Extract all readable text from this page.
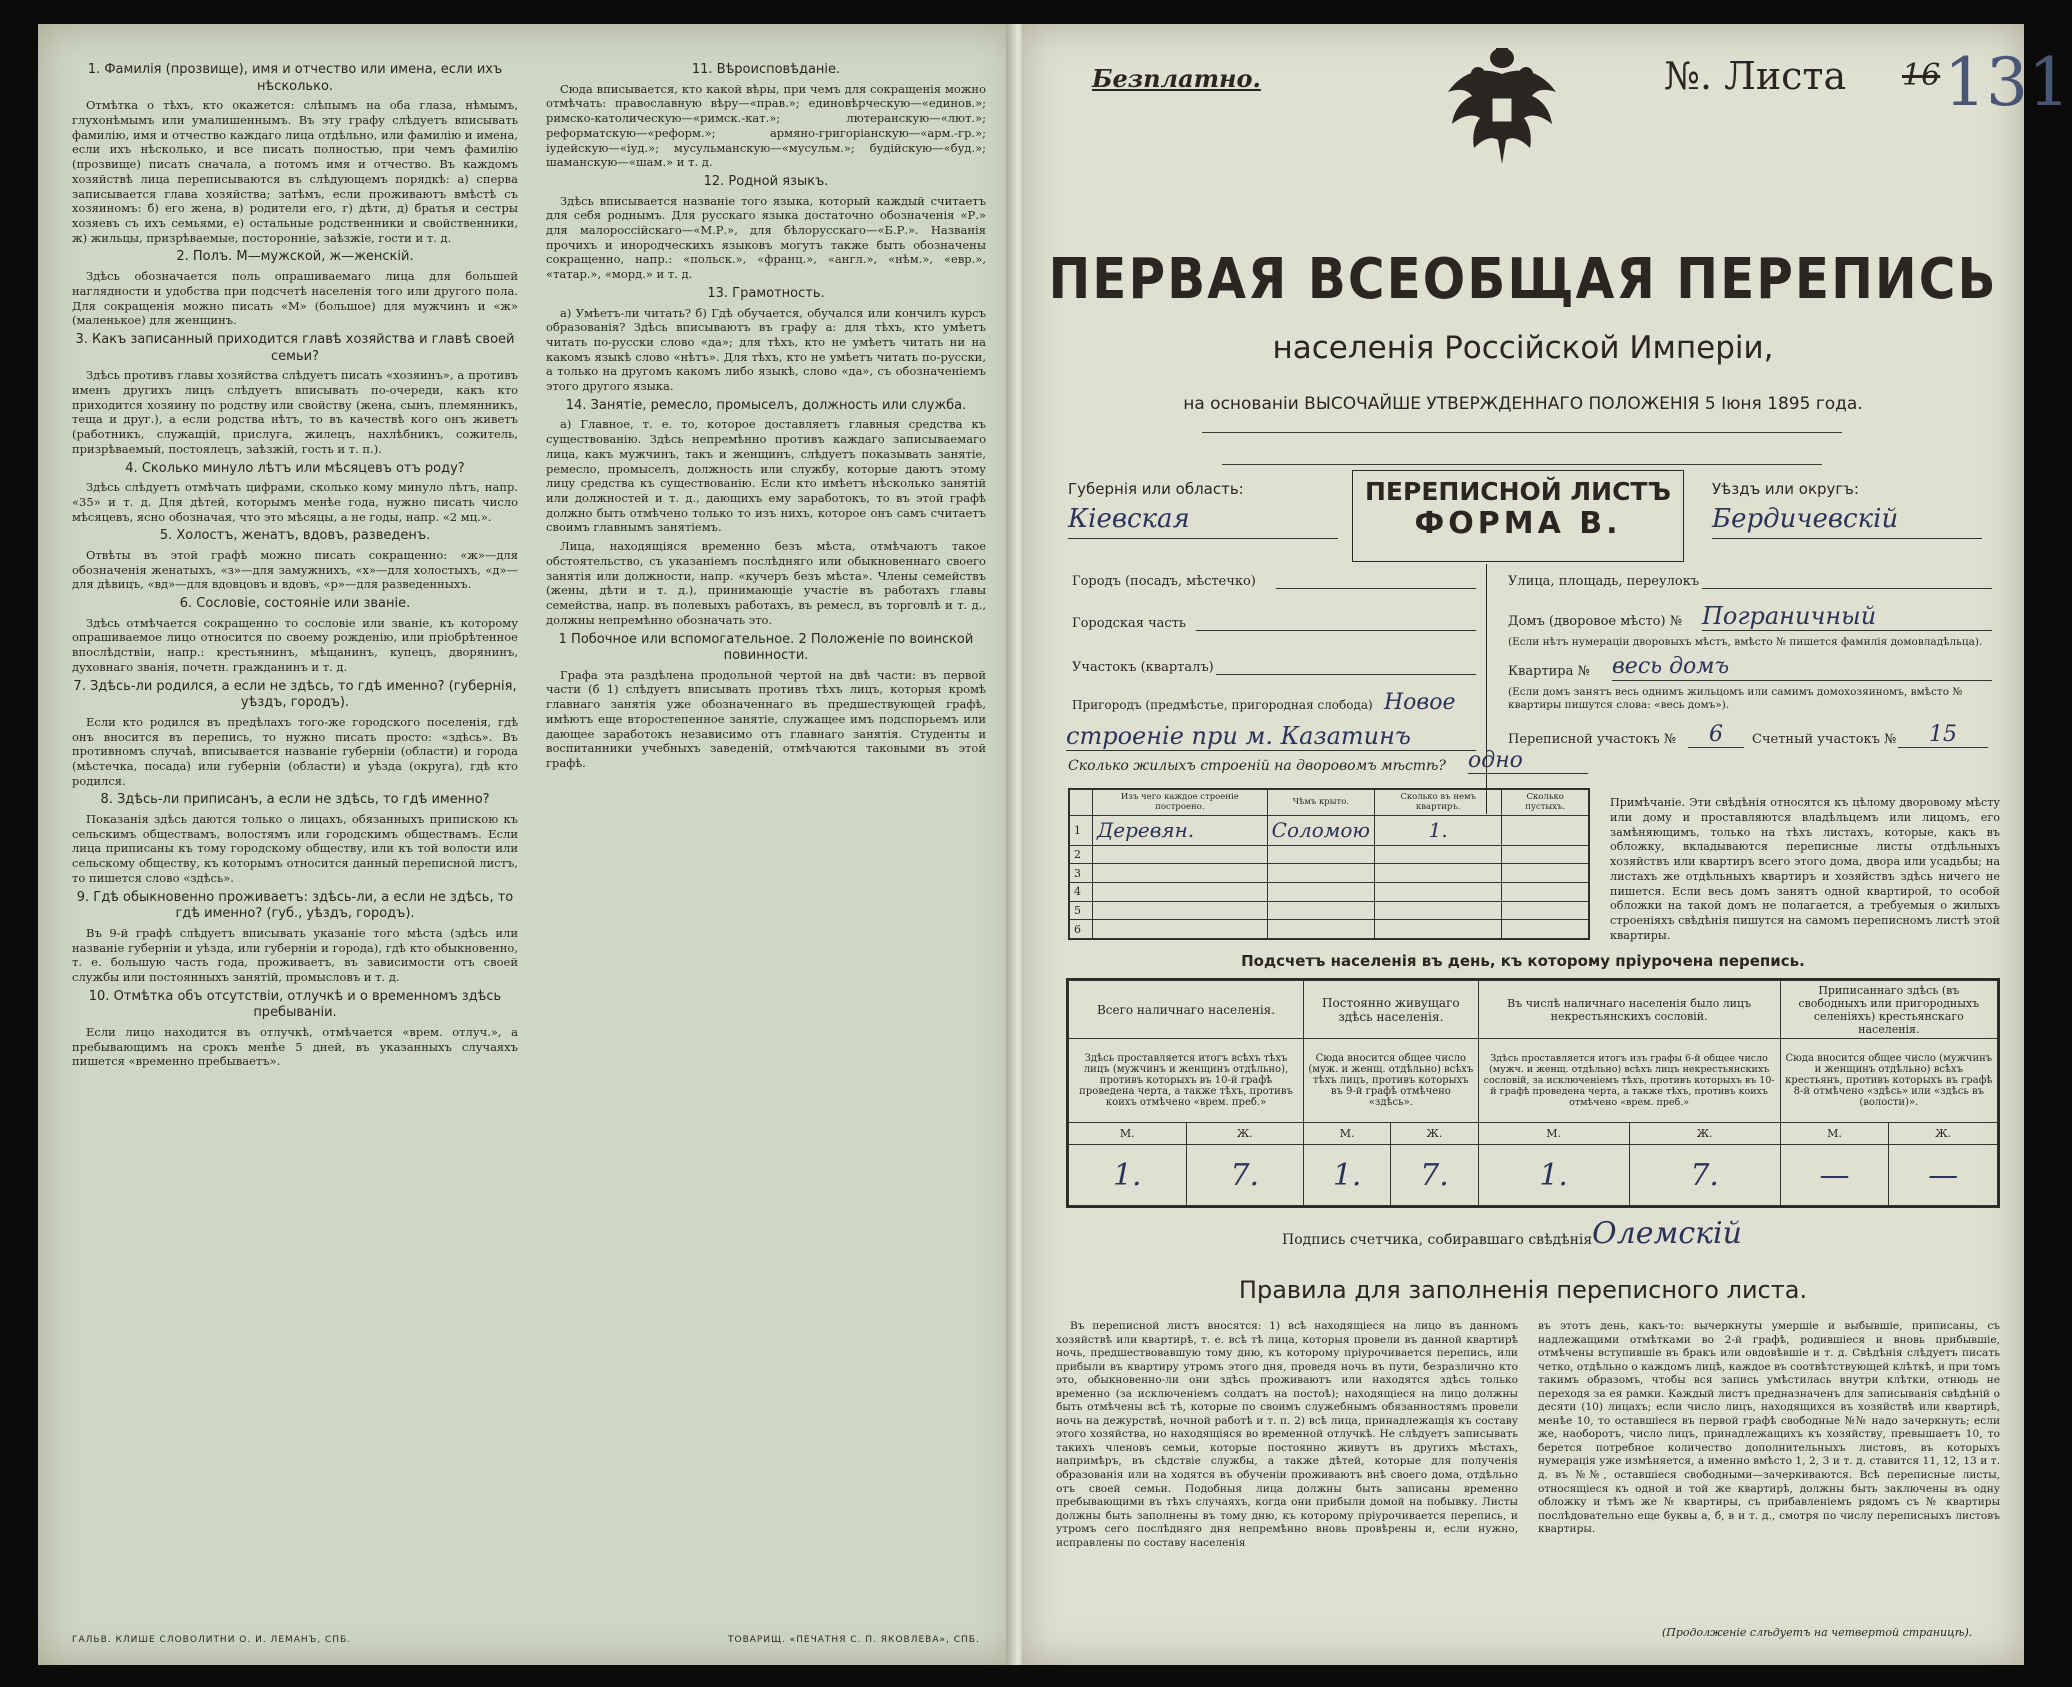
1. Фамилія (прозвище), имя и отчество или имена, если ихъ нѣсколько.

Отмѣтка о тѣхъ, кто окажется: слѣпымъ на оба глаза, нѣмымъ, глухонѣмымъ или умалишеннымъ. Въ эту графу слѣдуетъ вписывать фамилію, имя и отчество каждаго лица отдѣльно, или фамилію и имена, если ихъ нѣсколько, и все писать полностью, при чемъ фамилію (прозвище) писать сначала, а потомъ имя и отчество. Въ каждомъ хозяйствѣ лица переписываются въ слѣдующемъ порядкѣ: а) сперва записывается глава хозяйства; затѣмъ, если проживаютъ вмѣстѣ съ хозяиномъ: б) его жена, в) родители его, г) дѣти, д) братья и сестры хозяевъ съ ихъ семьями, е) остальные родственники и свойственники, ж) жильцы, призрѣваемые, посторонніе, заѣзжіе, гости и т. д.

2. Полъ. М—мужской, ж—женскій.

Здѣсь обозначается поль опрашиваемаго лица для большей наглядности и удобства при подсчетѣ населенія того или другого пола. Для сокращенія можно писать «М» (большое) для мужчинъ и «ж» (маленькое) для женщинъ.

3. Какъ записанный приходится главѣ хозяйства и главѣ своей семьи?

Здѣсь противъ главы хозяйства слѣдуетъ писать «хозяинъ», а противъ именъ другихъ лицъ слѣдуетъ вписывать по-очереди, какъ кто приходится хозяину по родству или свойству (жена, сынъ, племянникъ, теща и друг.), а если родства нѣтъ, то въ качествѣ кого онъ живетъ (работникъ, служащій, прислуга, жилецъ, нахлѣбникъ, сожитель, призрѣваемый, постоялецъ, заѣзжій, гость и т. п.).

4. Сколько минуло лѣтъ или мѣсяцевъ отъ роду?

Здѣсь слѣдуетъ отмѣчать цифрами, сколько кому минуло лѣтъ, напр. «35» и т. д. Для дѣтей, которымъ менѣе года, нужно писать число мѣсяцевъ, ясно обозначая, что это мѣсяцы, а не годы, напр. «2 мц.».

5. Холостъ, женатъ, вдовъ, разведенъ.

Отвѣты въ этой графѣ можно писать сокращенно: «ж»—для обозначенія женатыхъ, «з»—для замужнихъ, «х»—для холостыхъ, «д»—для дѣвицъ, «вд»—для вдовцовъ и вдовъ, «р»—для разведенныхъ.

6. Сословіе, состояніе или званіе.

Здѣсь отмѣчается сокращенно то сословіе или званіе, къ которому опрашиваемое лицо относится по своему рожденію, или пріобрѣтенное впослѣдствіи, напр.: крестьянинъ, мѣщанинъ, купецъ, дворянинъ, духовнаго званія, почетн. гражданинъ и т. д.

7. Здѣсь-ли родился, а если не здѣсь, то гдѣ именно? (губернія, уѣздъ, городъ).

Если кто родился въ предѣлахъ того-же городского поселенія, гдѣ онъ вносится въ перепись, то нужно писать просто: «здѣсь». Въ противномъ случаѣ, вписывается названіе губерніи (области) и города (мѣстечка, посада) или губерніи (области) и уѣзда (округа), гдѣ кто родился.

8. Здѣсь-ли приписанъ, а если не здѣсь, то гдѣ именно?

Показанія здѣсь даются только о лицахъ, обязанныхъ припискою къ сельскимъ обществамъ, волостямъ или городскимъ обществамъ. Если лица приписаны къ тому городскому обществу, или къ той волости или сельскому обществу, къ которымъ относится данный переписной листъ, то пишется слово «здѣсь».

9. Гдѣ обыкновенно проживаетъ: здѣсь-ли, а если не здѣсь, то гдѣ именно? (губ., уѣздъ, городъ).

Въ 9-й графѣ слѣдуетъ вписывать указаніе того мѣста (здѣсь или названіе губерніи и уѣзда, или губерніи и города), гдѣ кто обыкновенно, т. е. большую часть года, проживаетъ, въ зависимости отъ своей службы или постоянныхъ занятій, промысловъ и т. д.

10. Отмѣтка объ отсутствіи, отлучкѣ и о временномъ здѣсь пребываніи.

Если лицо находится въ отлучкѣ, отмѣчается «врем. отлуч.», а пребывающимъ на срокъ менѣе 5 дней, въ указанныхъ случаяхъ пишется «временно пребываетъ».

11. Вѣроисповѣданіе.

Сюда вписывается, кто какой вѣры, при чемъ для сокращенія можно отмѣчать: православную вѣру—«прав.»; единовѣрческую—«единов.»; римско-католическую—«римск.-кат.»; лютеранскую—«лют.»; реформатскую—«реформ.»; армяно-григоріанскую—«арм.-гр.»; іудейскую—«іуд.»; мусульманскую—«мусульм.»; будійскую—«буд.»; шаманскую—«шам.» и т. д.

12. Родной языкъ.

Здѣсь вписывается названіе того языка, который каждый считаетъ для себя роднымъ. Для русскаго языка достаточно обозначенія «Р.» для малороссійскаго—«М.Р.», для бѣлорусскаго—«Б.Р.». Названія прочихъ и инородческихъ языковъ могутъ также быть обозначены сокращенно, напр.: «польск.», «франц.», «англ.», «нѣм.», «евр.», «татар.», «морд.» и т. д.

13. Грамотность.

а) Умѣетъ-ли читать? б) Гдѣ обучается, обучался или кончилъ курсъ образованія? Здѣсь вписываютъ въ графу а: для тѣхъ, кто умѣетъ читать по-русски слово «да»; для тѣхъ, кто не умѣетъ читать ни на какомъ языкѣ слово «нѣтъ». Для тѣхъ, кто не умѣетъ читать по-русски, а только на другомъ какомъ либо языкѣ, слово «да», съ обозначеніемъ этого другого языка.

14. Занятіе, ремесло, промыселъ, должность или служба.

а) Главное, т. е. то, которое доставляетъ главныя средства къ существованію. Здѣсь непремѣнно противъ каждаго записываемаго лица, какъ мужчинъ, такъ и женщинъ, слѣдуетъ показывать занятіе, ремесло, промыселъ, должность или службу, которые даютъ этому лицу средства къ существованію. Если кто имѣетъ нѣсколько занятій или должностей и т. д., дающихъ ему заработокъ, то въ этой графѣ должно быть отмѣчено только то изъ нихъ, которое онъ самъ считаетъ своимъ главнымъ занятіемъ.

Лица, находящіяся временно безъ мѣста, отмѣчаютъ такое обстоятельство, съ указаніемъ послѣдняго или обыкновеннаго своего занятія или должности, напр. «кучеръ безъ мѣста». Члены семействъ (жены, дѣти и т. д.), принимающіе участіе въ работахъ главы семейства, напр. въ полевыхъ работахъ, въ ремесл, въ торговлѣ и т. д., должны непремѣнно обозначать это.

1 Побочное или вспомогательное. 2 Положеніе по воинской повинности.

Графа эта раздѣлена продольной чертой на двѣ части: въ первой части (б 1) слѣдуетъ вписывать противъ тѣхъ лицъ, которыя кромѣ главнаго занятія уже обозначеннаго въ предшествующей графѣ, имѣютъ еще второстепенное занятіе, служащее имъ подспорьемъ или дающее заработокъ независимо отъ главнаго занятія. Студенты и воспитанники учебныхъ заведеній, отмѣчаются таковыми въ этой графѣ.

ГАЛЬВ. КЛИШЕ СЛОВОЛИТНИ О. И. ЛЕМАНЪ, СПБ.	ТОВАРИЩ. «ПЕЧАТНЯ С. П. ЯКОВЛЕВА», СПБ.
Безплатно.	№. Листа 16 131
ПЕРВАЯ ВСЕОБЩАЯ ПЕРЕПИСЬ
населенія Россійской Имперіи,
на основаніи ВЫСОЧАЙШЕ УТВЕРЖДЕННАГО ПОЛОЖЕНІЯ 5 Іюня 1895 года.
Губернія или область:
Кіевская
ПЕРЕПИСНОЙ ЛИСТЪ
ФОРМА В.
Уѣздъ или округъ:
Бердичевскій
Городъ (посадъ, мѣстечко)
Городская часть
Участокъ (кварталъ)
Пригородъ (предмѣстье, пригородная слобода) Новое
строеніе при м. Казатинъ
Улица, площадь, переулокъ
Домъ (дворовое мѣсто) № Пограничный
(Если нѣтъ нумераціи дворовыхъ мѣстъ, вмѣсто № пишется фамилія домовладѣльца).
Квартира № весь домъ
(Если домъ занятъ весь однимъ жильцомъ или самимъ домохозяиномъ, вмѣсто № квартиры пишутся слова: «весь домъ»).
Переписной участокъ №	6	Счетный участокъ №	15
Сколько жилыхъ строеній на дворовомъ мѣстѣ? одно
	Изъ чего каждое строеніе построено.	Чѣмъ крыто.	Сколько въ немъ квартиръ.	Сколько пустыхъ.
1	Деревян.	Соломою	1.	
2				
3				
4				
5				
6				
Примѣчаніе. Эти свѣдѣнія относятся къ цѣлому дворовому мѣсту или дому и проставляются владѣльцемъ или лицомъ, его замѣняющимъ, только на тѣхъ листахъ, которые, какъ въ обложку, вкладываются переписные листы отдѣльныхъ хозяйствъ или квартиръ всего этого дома, двора или усадьбы; на листахъ же отдѣльныхъ квартиръ и хозяйствъ здѣсь ничего не пишется. Если весь домъ занятъ одной квартирой, то особой обложки на такой домъ не полагается, а требуемыя о жилыхъ строеніяхъ свѣдѣнія пишутся на самомъ переписномъ листѣ этой квартиры.
Подсчетъ населенія въ день, къ которому пріурочена перепись.
Всего наличнаго населенія.		Постоянно живущаго здѣсь населенія.		Въ числѣ наличнаго населенія было лицъ некрестьянскихъ сословій.		Приписаннаго здѣсь (въ свободныхъ или пригородныхъ селеніяхъ) крестьянскаго населенія.	
Здѣсь проставляется итогъ всѣхъ тѣхъ лицъ (мужчинъ и женщинъ отдѣльно), противъ которыхъ въ 10-й графѣ проведена черта, а также тѣхъ, противъ коихъ отмѣчено «врем. преб.»		Сюда вносится общее число (муж. и женщ. отдѣльно) всѣхъ тѣхъ лицъ, противъ которыхъ въ 9-й графѣ отмѣчено «здѣсь».		Здѣсь проставляется итогъ изъ графы 6-й общее число (мужч. и женщ. отдѣльно) всѣхъ лицъ некрестьянскихъ сословій, за исключеніемъ тѣхъ, противъ которыхъ въ 10-й графѣ проведена черта, а также тѣхъ, противъ коихъ отмѣчено «врем. преб.»		Сюда вносится общее число (мужчинъ и женщинъ отдѣльно) всѣхъ крестьянъ, противъ которыхъ въ графѣ 8-й отмѣчено «здѣсь» или «здѣсь въ (волости)».	
М.	Ж.	М.	Ж.	М.	Ж.	М.	Ж.
1.	7.	1.	7.	1.	7.	—	—
Подпись счетчика, собиравшаго свѣдѣнія Олемскій
Правила для заполненія переписного листа.
Въ переписной листъ вносятся: 1) всѣ находящіеся на лицо въ данномъ хозяйствѣ или квартирѣ, т. е. всѣ тѣ лица, которыя провели въ данной квартирѣ ночь, предшествовавшую тому дню, къ которому пріурочивается перепись, или прибыли въ квартиру утромъ этого дня, проведя ночь въ пути, безразлично кто это, обыкновенно-ли они здѣсь проживаютъ или находятся здѣсь только временно (за исключеніемъ солдатъ на постоѣ); находящіеся на лицо должны быть отмѣчены всѣ тѣ, которые по своимъ служебнымъ обязанностямъ провели ночь на дежурствѣ, ночной работѣ и т. п. 2) всѣ лица, принадлежащія къ составу этого хозяйства, но находящіяся во временной отлучкѣ. Не слѣдуетъ записывать такихъ членовъ семьи, которые постоянно живутъ въ другихъ мѣстахъ, напримѣръ, въ сѣдствіе службы, а также дѣтей, которые для полученія образованія или на ходятся въ обученіи проживаютъ внѣ своего дома, отдѣльно отъ своей семьи. Подобныя лица должны быть записаны временно пребывающими въ тѣхъ случаяхъ, когда они прибыли домой на побывку. Листы должны быть заполнены въ тому дню, къ которому пріурочивается перепись, и утромъ сего послѣдняго дня непремѣнно вновь провѣрены и, если нужно, исправлены по составу населенія
въ этотъ день, какъ-то: вычеркнуты умершіе и выбывшіе, приписаны, съ надлежащими отмѣтками во 2-й графѣ, родившіеся и вновь прибывшіе, отмѣчены вступившіе въ бракъ или овдовѣвшіе и т. д. Свѣдѣнія слѣдуетъ писать четко, отдѣльно о каждомъ лицѣ, каждое въ соотвѣтствующей клѣткѣ, и при томъ такимъ образомъ, чтобы вся запись умѣстилась внутри клѣтки, отнюдь не переходя за ея рамки. Каждый листъ предназначенъ для записыванія свѣдѣній о десяти (10) лицахъ; если число лицъ, находящихся въ хозяйствѣ или квартирѣ, менѣе 10, то оставшіеся въ первой графѣ свободные №№ надо зачеркнуть; если же, наоборотъ, число лицъ, принадлежащихъ къ хозяйству, превышаетъ 10, то берется потребное количество дополнительныхъ листовъ, въ которыхъ нумерація уже измѣняется, а именно вмѣсто 1, 2, 3 и т. д. ставится 11, 12, 13 и т. д. въ №№, оставшіеся свободными—зачеркиваются. Всѣ переписные листы, относящіеся къ одной и той же квартирѣ, должны быть заключены въ одну обложку и тѣмъ же № квартиры, съ прибавленіемъ рядомъ съ № квартиры послѣдовательно еще буквы а, б, в и т. д., смотря по числу переписныхъ листовъ квартиры.
(Продолженіе слѣдуетъ на четвертой страницѣ).
